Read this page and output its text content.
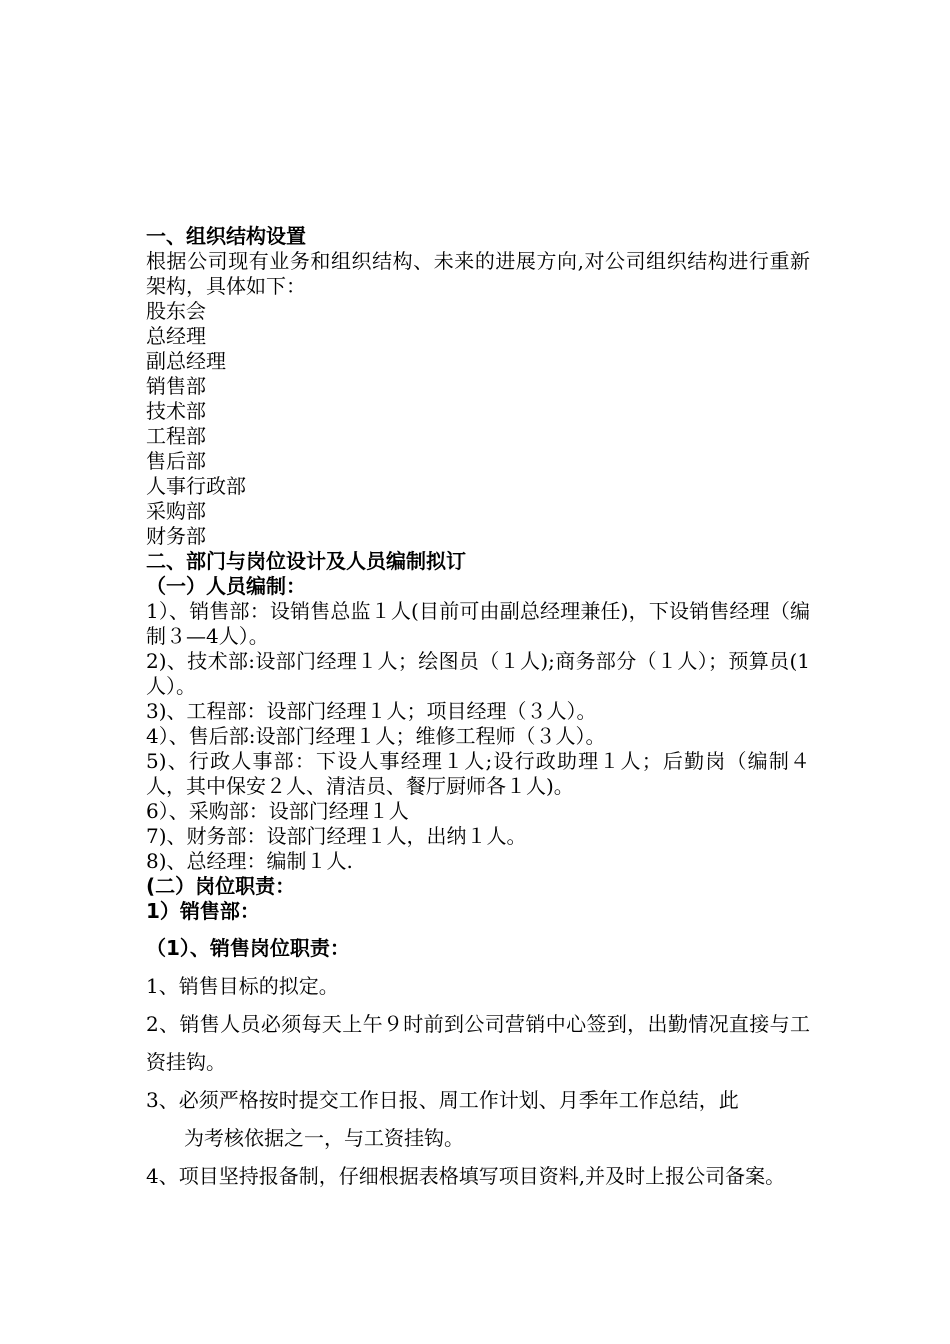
一、组织结构设置
根据公司现有业务和组织结构、未来的进展方向,对公司组织结构进行重新架构，具体如下：
股东会
总经理
副总经理
销售部
技术部
工程部
售后部
人事行政部
采购部
财务部
二、部门与岗位设计及人员编制拟订
（一）人员编制：
1）、销售部：设销售总监１人(目前可由副总经理兼任)，下设销售经理（编制３—4人）。
2)、技术部:设部门经理１人；绘图员（１人);商务部分（１人）；预算员(1人）。
3)、工程部：设部门经理１人；项目经理（３人）。
4）、售后部:设部门经理１人；维修工程师（３人）。
5)、行政人事部：下设人事经理１人;设行政助理１人；后勤岗（编制４人，其中保安２人、清洁员、餐厅厨师各１人)。
6）、采购部：设部门经理１人
7)、财务部：设部门经理１人，出纳１人。
8)、总经理：编制１人.
(二）岗位职责：
1）销售部：
（1）、销售岗位职责：
1、销售目标的拟定。
2、销售人员必须每天上午９时前到公司营销中心签到，出勤情况直接与工资挂钩。
3、必须严格按时提交工作日报、周工作计划、月季年工作总结，此
为考核依据之一，与工资挂钩。
4、项目坚持报备制，仔细根据表格填写项目资料,并及时上报公司备案。
